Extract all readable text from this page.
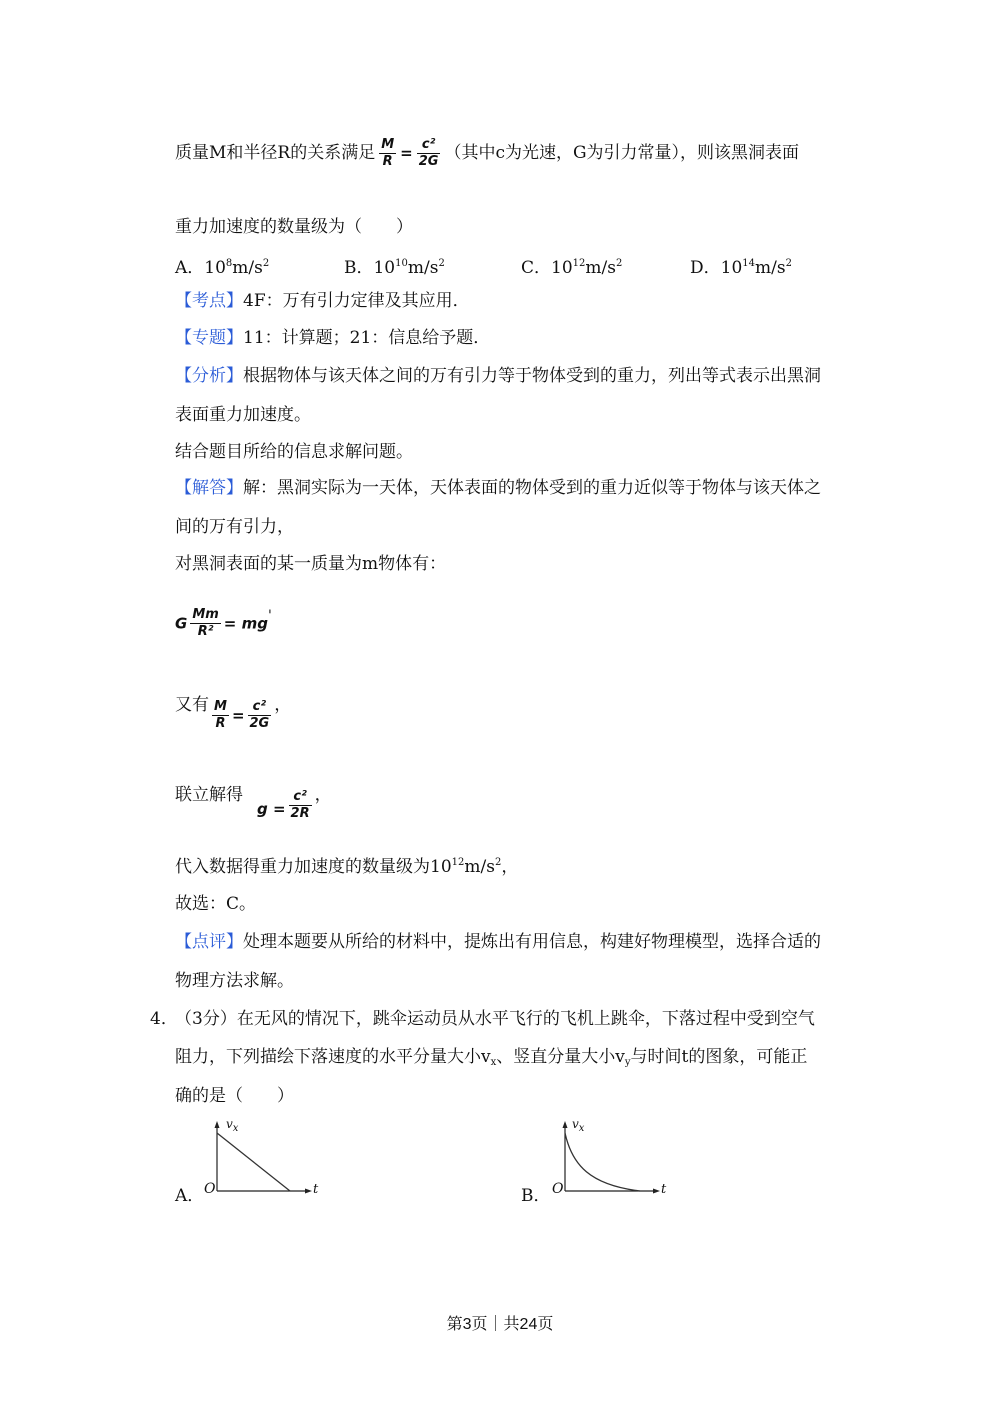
质量M和半径R的关系满足 $\frac{M}{R} = \frac{\text{c²}}{2G}$ （其中c为光速，G为引力常量），则该黑洞表面
重力加速度的数量级为（　　）
A．$10^8m/s^2$	B．$10^{10}m/s^2$	C．$10^{12}m/s^2$	D．$10^{14}m/s^2$
【考点】4F：万有引力定律及其应用．
【专题】11：计算题；21：信息给予题．
【分析】根据物体与该天体之间的万有引力等于物体受到的重力，列出等式表示出黑洞
表面重力加速度。
结合题目所给的信息求解问题。
【解答】解：黑洞实际为一天体，天体表面的物体受到的重力近似等于物体与该天体之
间的万有引力，
对黑洞表面的某一质量为m物体有：
G $\frac{Mm}{\text{R²}} = mg'$
又有 $\frac{M}{R} = \frac{\text{c²}}{2G}$ ，
联立解得$g = \frac{\text{c²}}{2R}$ ，
代入数据得重力加速度的数量级为$10^{12}m/s^2$，
故选：C。
【点评】处理本题要从所给的材料中，提炼出有用信息，构建好物理模型，选择合适的
物理方法求解。
4．（3分）在无风的情况下，跳伞运动员从水平飞行的飞机上跳伞，下落过程中受到空气
阻力，下列描绘下落速度的水平分量大小$v_x$、竖直分量大小$v_y$与时间t的图象，可能正
确的是（　　）
A．
$v_x$
O	t	B．
$v_x$
O	t
第3页｜共24页
